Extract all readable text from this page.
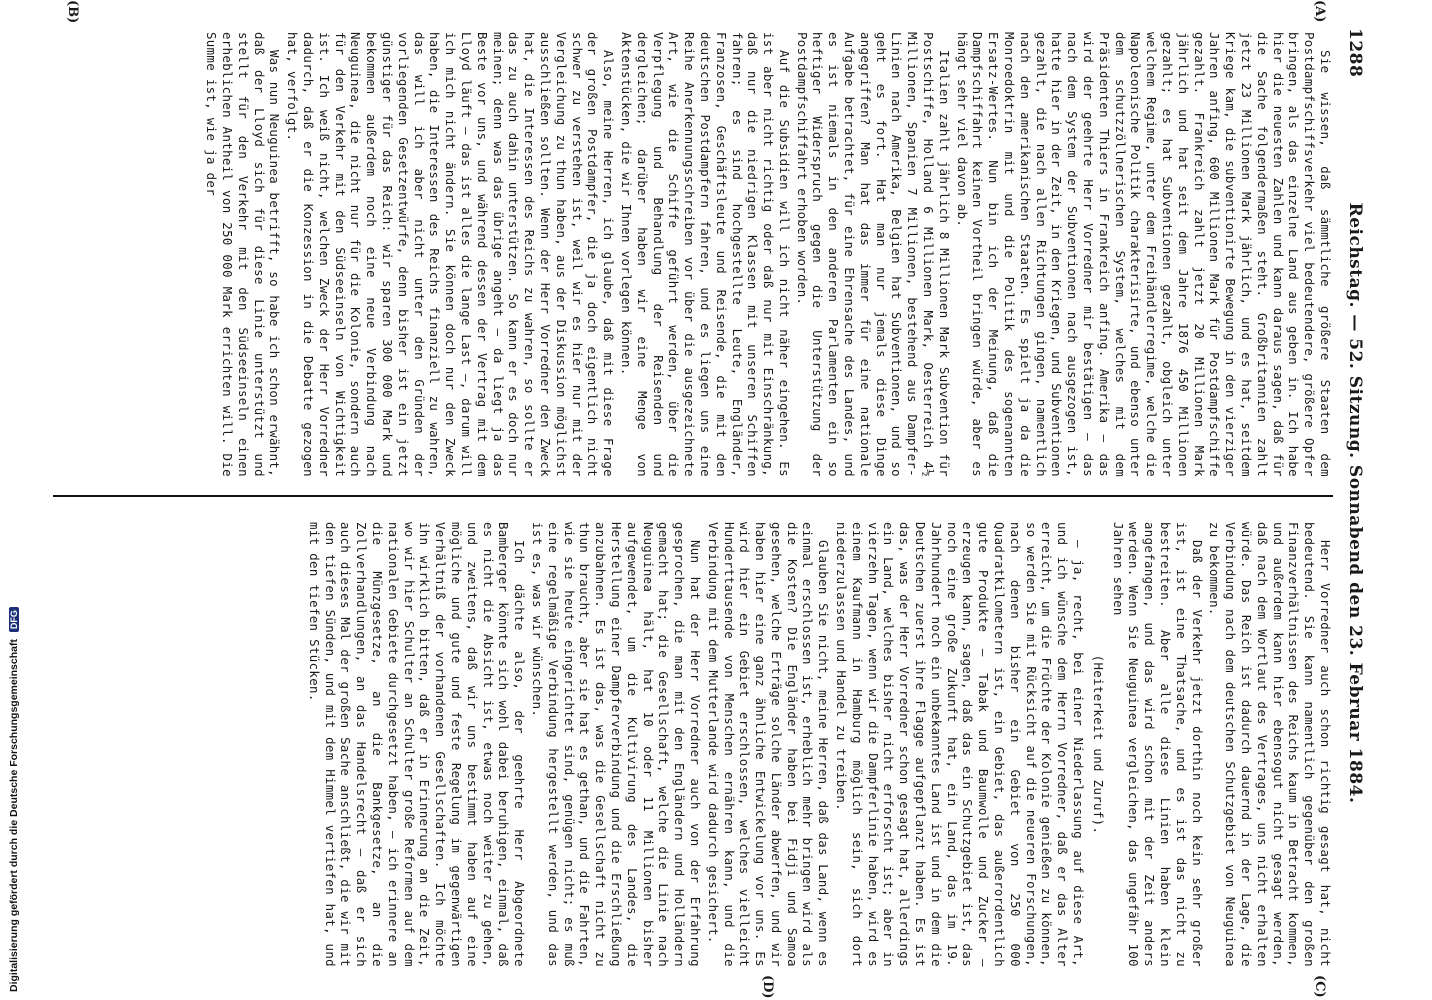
1288
Reichstag. — 52. Sitzung. Sonnabend den 23. Februar 1884.
(A)
(B)
(C)
(D)

Sie wissen, daß sämmtliche größere Staaten dem Postdampfschiffsverkehr viel bedeutendere, größere Opfer bringen, als das einzelne Land aus geben in. Ich habe hier die neuesten Zahlen und kann daraus sagen, daß für die Sache folgendermaßen steht. Großbritannien zahlt jetzt 23 Millionen Mark jährlich, und es hat, seitdem Kriege kam, die subventionirte Bewegung in den vierziger Jahren anfing, 600 Millionen Mark für Postdampfschiffe gezahlt. Frankreich zahlt jetzt 20 Millionen Mark jährlich und hat seit dem Jahre 1876 450 Millionen gezahlt; es hat Subventionen gezahlt, obgleich unter welchem Regime, unter dem Freihändlerregime, welche die Napoleonische Politik charakterisirte, und ebenso unter dem schutzzöllnerischen System, welches mit dem Präsidenten Thiers in Frankreich anfing. Amerika — das wird der geehrte Herr Vorredner mir bestätigen — das nach dem System der Subventionen nach ausgezogen ist, hatte hier in der Zeit, in den Kriegen, und Subventionen gezahlt, die nach allen Richtungen gingen, namentlich nach den amerikanischen Staaten. Es spielt ja da die Monroedoktrin mit und die Politik des sogenannten Ersatz-Wertes. Nun bin ich der Meinung, daß die Dampfschiffahrt keinen Vortheil bringen würde, aber es hängt sehr viel davon ab.

Italien zahlt jährlich 8 Millionen Mark Subvention für Postschiffe, Holland 6 Millionen Mark, Oesterreich 4½ Millionen, Spanien 7 Millionen, bestehend aus Dampfer-Linien nach Amerika, Belgien hat Subventionen, und so geht es fort. Hat man nur jemals diese Dinge angegriffen? Man hat das immer für eine nationale Aufgabe betrachtet, für eine Ehrensache des Landes, und es ist niemals in den anderen Parlamenten ein so heftiger Widerspruch gegen die Unterstützung der Postdampfschiffahrt erhoben worden.

Auf die Subsidien will ich nicht näher eingehen. Es ist aber nicht richtig oder daß nur mit Einschränkung, daß nur die niedrigen Klassen mit unseren Schiffen fahren; es sind hochgestellte Leute, Engländer, Franzosen, Geschäftsleute und Reisende, die mit den deutschen Postdampfern fahren, und es liegen uns eine Reihe Anerkennungsschreiben vor über die ausgezeichnete Art, wie die Schiffe geführt werden, über die Verpflegung und Behandlung der Reisenden und dergleichen; darüber haben wir eine Menge von Aktenstücken, die wir Ihnen vorlegen können.

Also, meine Herren, ich glaube, daß mit diese Frage der großen Postdampfer, die ja doch eigentlich nicht schwer zu verstehen ist, weil wir es hier nur mit der Vergleichung zu thun haben, aus der Diskussion möglichst ausschließen sollten. Wenn der Herr Vorredner den Zweck hat, die Interessen des Reichs zu wahren, so sollte er das zu auch dahin unterstützen. So kann er es doch nur meinen; denn was das übrige angeht — da liegt ja das Beste vor uns, und während dessen der Vertrag mit dem Lloyd läuft — das ist alles die lange Last —, darum will ich mich nicht ändern. Sie können doch nur den Zweck haben, die Interessen des Reichs finanziell zu wahren, das will ich aber nicht unter den Gründen der vorliegenden Gesetzentwürfe, denn bisher ist ein jetzt günstiger für das Reich: wir sparen 300 000 Mark und bekommen außerdem noch eine neue Verbindung nach Neuguinea, die nicht nur für die Kolonie, sondern auch für den Verkehr mit den Südseeinseln von Wichtigkeit ist. Ich weiß nicht, welchen Zweck der Herr Vorredner dadurch, daß er die Konzession in die Debatte gezogen hat, verfolgt.

Was nun Neuguinea betrifft, so habe ich schon erwähnt, daß der Lloyd sich für diese Linie unterstützt und stellt für den Verkehr mit den Südseeinseln einen erheblichen Antheil von 250 000 Mark errichten will. Die Summe ist, wie ja der

Herr Vorredner auch schon richtig gesagt hat, nicht bedeutend. Sie kann namentlich gegenüber den großen Finanzverhältnissen des Reichs kaum in Betracht kommen, und außerdem kann hier ebensogut nicht gesagt werden, daß nach dem Wortlaut des Vertrages, uns nicht erhalten würde. Das Reich ist dadurch dauernd in der Lage, die Verbindung nach dem deutschen Schutzgebiet von Neuguinea zu bekommen.

Daß der Verkehr jetzt dorthin noch kein sehr großer ist, ist eine Thatsache, und es ist das nicht zu bestreiten. Aber alle diese Linien haben klein angefangen, und das wird schon mit der Zeit anders werden. Wenn Sie Neuguinea vergleichen, das ungefähr 100 Jahren sehen

(Heiterkeit und Zuruf).

— ja, recht, bei einer Niederlassung auf diese Art, und ich wünsche dem Herrn Vorredner, daß er das Alter erreicht, um die Früchte der Kolonie genießen zu können, so werden Sie mit Rücksicht auf die neueren Forschungen, nach denen bisher ein Gebiet von 250 000 Quadratkilometern ist, ein Gebiet, das außerordentlich gute Produkte — Tabak und Baumwolle und Zucker — erzeugen kann, sagen, daß das ein Schutzgebiet ist, das noch eine große Zukunft hat, ein Land, das im 19. Jahrhundert noch ein unbekanntes Land ist und in dem die Deutschen zuerst ihre Flagge aufgepflanzt haben. Es ist das, was der Herr Vorredner schon gesagt hat, allerdings ein Land, welches bisher nicht erforscht ist; aber in vierzehn Tagen, wenn wir die Dampferlinie haben, wird es einem Kaufmann in Hamburg möglich sein, sich dort niederzulassen und Handel zu treiben.

Glauben Sie nicht, meine Herren, daß das Land, wenn es einmal erschlossen ist, erheblich mehr bringen wird als die Kosten? Die Engländer haben bei Fidji und Samoa gesehen, welche Erträge solche Länder abwerfen, und wir haben hier eine ganz ähnliche Entwickelung vor uns. Es wird hier ein Gebiet erschlossen, welches vielleicht Hunderttausende von Menschen ernähren kann, und die Verbindung mit dem Mutterlande wird dadurch gesichert.

Nun hat der Herr Vorredner auch von der Erfahrung gesprochen, die man mit den Engländern und Holländern gemacht hat; die Gesellschaft, welche die Linie nach Neuguinea hält, hat 10 oder 11 Millionen bisher aufgewendet, um die Kultivirung des Landes, die Herstellung einer Dampferverbindung und die Erschließung anzubahnen. Es ist das, was die Gesellschaft nicht zu thun braucht, aber sie hat es gethan, und die Fahrten, wie sie heute eingerichtet sind, genügen nicht; es muß eine regelmäßige Verbindung hergestellt werden, und das ist es, was wir wünschen.

Ich dächte also, der geehrte Herr Abgeordnete Bamberger könnte sich wohl dabei beruhigen, einmal, daß es nicht die Absicht ist, etwas noch weiter zu gehen, und zweitens, daß wir uns bestimmt haben auf eine mögliche und gute und feste Regelung im gegenwärtigen Verhältniß der vorhandenen Gesellschaften. Ich möchte ihn wirklich bitten, daß er in Erinnerung an die Zeit, wo wir hier Schulter an Schulter große Reformen auf dem nationalen Gebiete durchgesetzt haben, — ich erinnere an die Münzgesetze, an die Bankgesetze, an die Zollverhandlungen, an das Handelsrecht — daß er sich auch dieses Mal der großen Sache anschließt, die wir mit den tiefen Sünden, und mit dem Himmel vertiefen hat, und mit den tiefen Stücken.

Digitalisierung gefördert durch die Deutsche Forschungsgemeinschaft DFG
